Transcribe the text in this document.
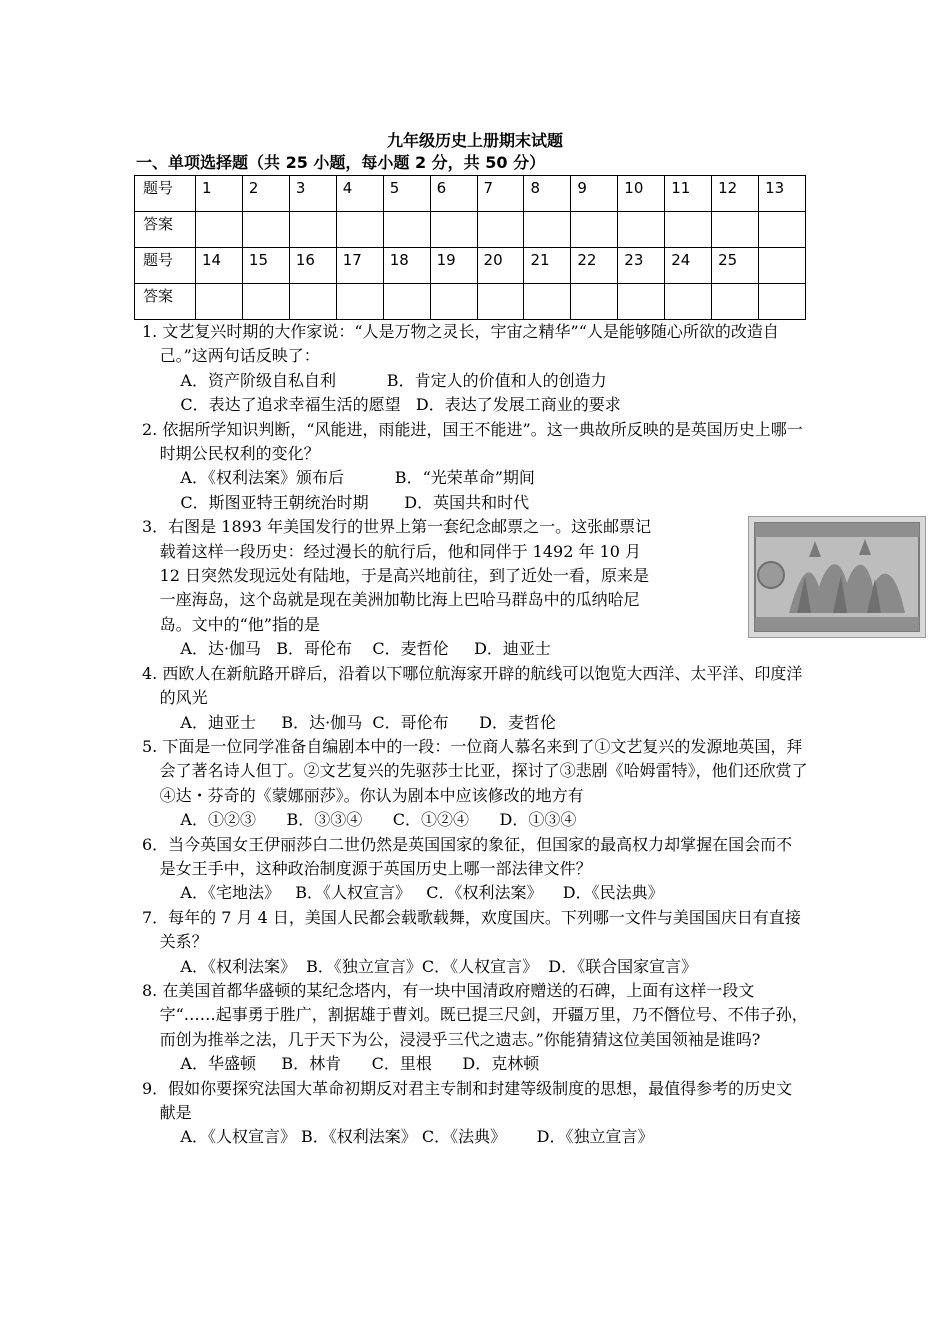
九年级历史上册期末试题
一、单项选择题（共 25 小题，每小题 2 分，共 50 分）
题号	1	2	3	4	5	6	7	8	9	10	11	12	13
答案													
题号	14	15	16	17	18	19	20	21	22	23	24	25	
答案													
1. 文艺复兴时期的大作家说：“人是万物之灵长，宇宙之精华”“人是能够随心所欲的改造自己。”这两句话反映了：
A．资产阶级自私自利          B．肯定人的价值和人的创造力
C．表达了追求幸福生活的愿望   D．表达了发展工商业的要求
2. 依据所学知识判断，“风能进，雨能进，国王不能进”。这一典故所反映的是英国历史上哪一时期公民权利的变化？
A．《权利法案》颁布后          B．“光荣革命”期间
C．斯图亚特王朝统治时期       D．英国共和时代
3．右图是 1893 年美国发行的世界上第一套纪念邮票之一。这张邮票记载着这样一段历史：经过漫长的航行后，他和同伴于 1492 年 10 月 12 日突然发现远处有陆地，于是高兴地前往，到了近处一看，原来是一座海岛，这个岛就是现在美洲加勒比海上巴哈马群岛中的瓜纳哈尼岛。文中的“他”指的是
A．达·伽马   B．哥伦布    C．麦哲伦     D．迪亚士
4. 西欧人在新航路开辟后，沿着以下哪位航海家开辟的航线可以饱览大西洋、太平洋、印度洋的风光
A．迪亚士     B．达·伽马  C．哥伦布      D．麦哲伦
5. 下面是一位同学准备自编剧本中的一段：一位商人慕名来到了①文艺复兴的发源地英国，拜会了著名诗人但丁。②文艺复兴的先驱莎士比亚，探讨了③悲剧《哈姆雷特》，他们还欣赏了④达・芬奇的《蒙娜丽莎》。你认为剧本中应该修改的地方有
A．①②③      B．③③④      C．①②④      D．①③④
6．当今英国女王伊丽莎白二世仍然是英国国家的象征，但国家的最高权力却掌握在国会而不是女王手中，这种政治制度源于英国历史上哪一部法律文件？
A．《宅地法》   B．《人权宣言》   C．《权利法案》    D．《民法典》
7．每年的 7 月 4 日，美国人民都会载歌载舞，欢度国庆。下列哪一文件与美国国庆日有直接关系？
A．《权利法案》  B．《独立宣言》C．《人权宣言》  D．《联合国家宣言》
8. 在美国首都华盛顿的某纪念塔内，有一块中国清政府赠送的石碑，上面有这样一段文字“……起事勇于胜广，割据雄于曹刘。既已提三尺剑，开疆万里，乃不僭位号、不伟子孙，而创为推举之法，几于天下为公，浸浸乎三代之遗志。”你能猜猜这位美国领袖是谁吗?
A．华盛顿     B．林肯      C．里根      D．克林顿
9．假如你要探究法国大革命初期反对君主专制和封建等级制度的思想，最值得参考的历史文献是
A．《人权宣言》 B．《权利法案》 C．《法典》      D．《独立宣言》
